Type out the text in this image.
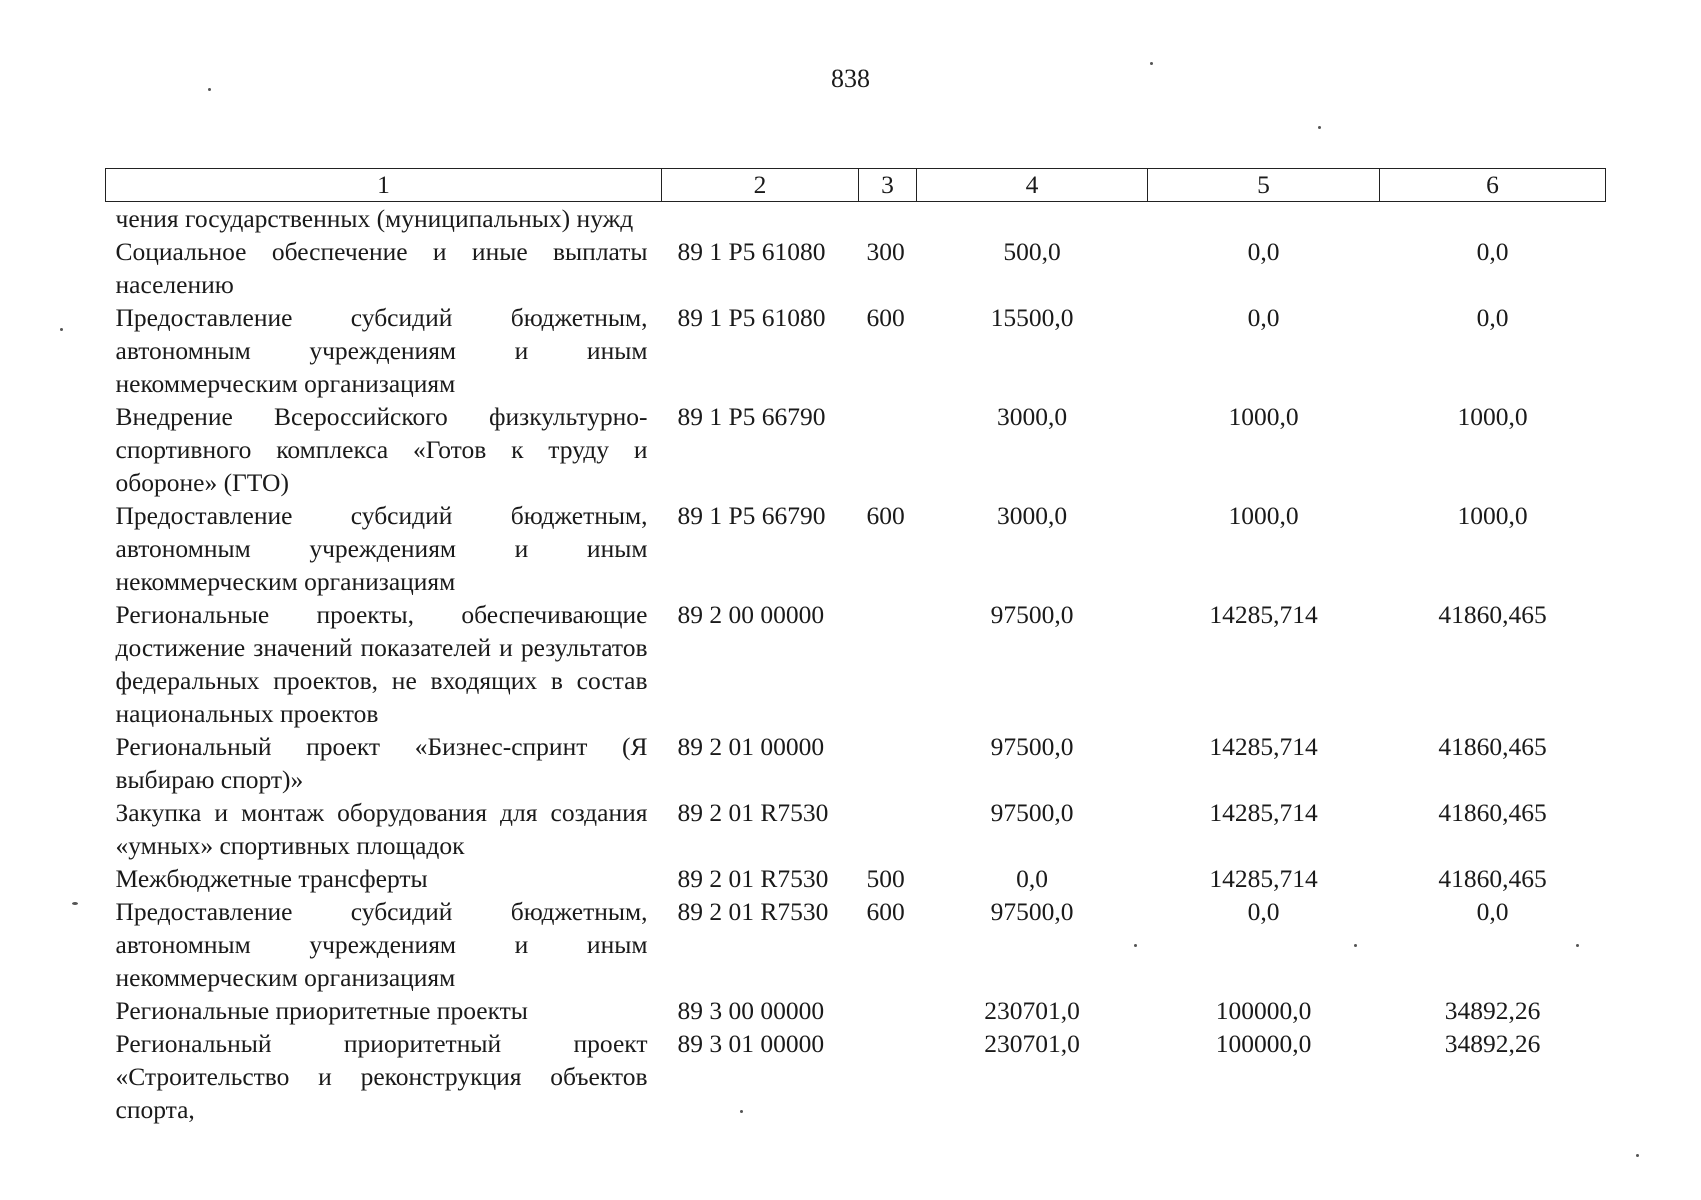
838
1	2	3	4	5	6
чения государственных (муниципальных) нужд					
Социальное обеспечение и иные выплаты населению	89 1 P5 61080	300	500,0	0,0	0,0
Предоставление субсидий бюджетным, автономным учреждениям и иным некоммерческим организациям	89 1 P5 61080	600	15500,0	0,0	0,0
Внедрение Всероссийского физкультурно-спортивного комплекса «Готов к труду и обороне» (ГТО)	89 1 P5 66790		3000,0	1000,0	1000,0
Предоставление субсидий бюджетным, автономным учреждениям и иным некоммерческим организациям	89 1 P5 66790	600	3000,0	1000,0	1000,0
Региональные проекты, обеспечивающие достижение значений показателей и результатов федеральных проектов, не входящих в состав национальных проектов	89 2 00 00000		97500,0	14285,714	41860,465
Региональный проект «Бизнес-спринт (Я выбираю спорт)»	89 2 01 00000		97500,0	14285,714	41860,465
Закупка и монтаж оборудования для создания «умных» спортивных площадок	89 2 01 R7530		97500,0	14285,714	41860,465
Межбюджетные трансферты	89 2 01 R7530	500	0,0	14285,714	41860,465
Предоставление субсидий бюджетным, автономным учреждениям и иным некоммерческим организациям	89 2 01 R7530	600	97500,0	0,0	0,0
Региональные приоритетные проекты	89 3 00 00000		230701,0	100000,0	34892,26
Региональный приоритетный проект «Строительство и реконструкция объектов спорта,	89 3 01 00000		230701,0	100000,0	34892,26
